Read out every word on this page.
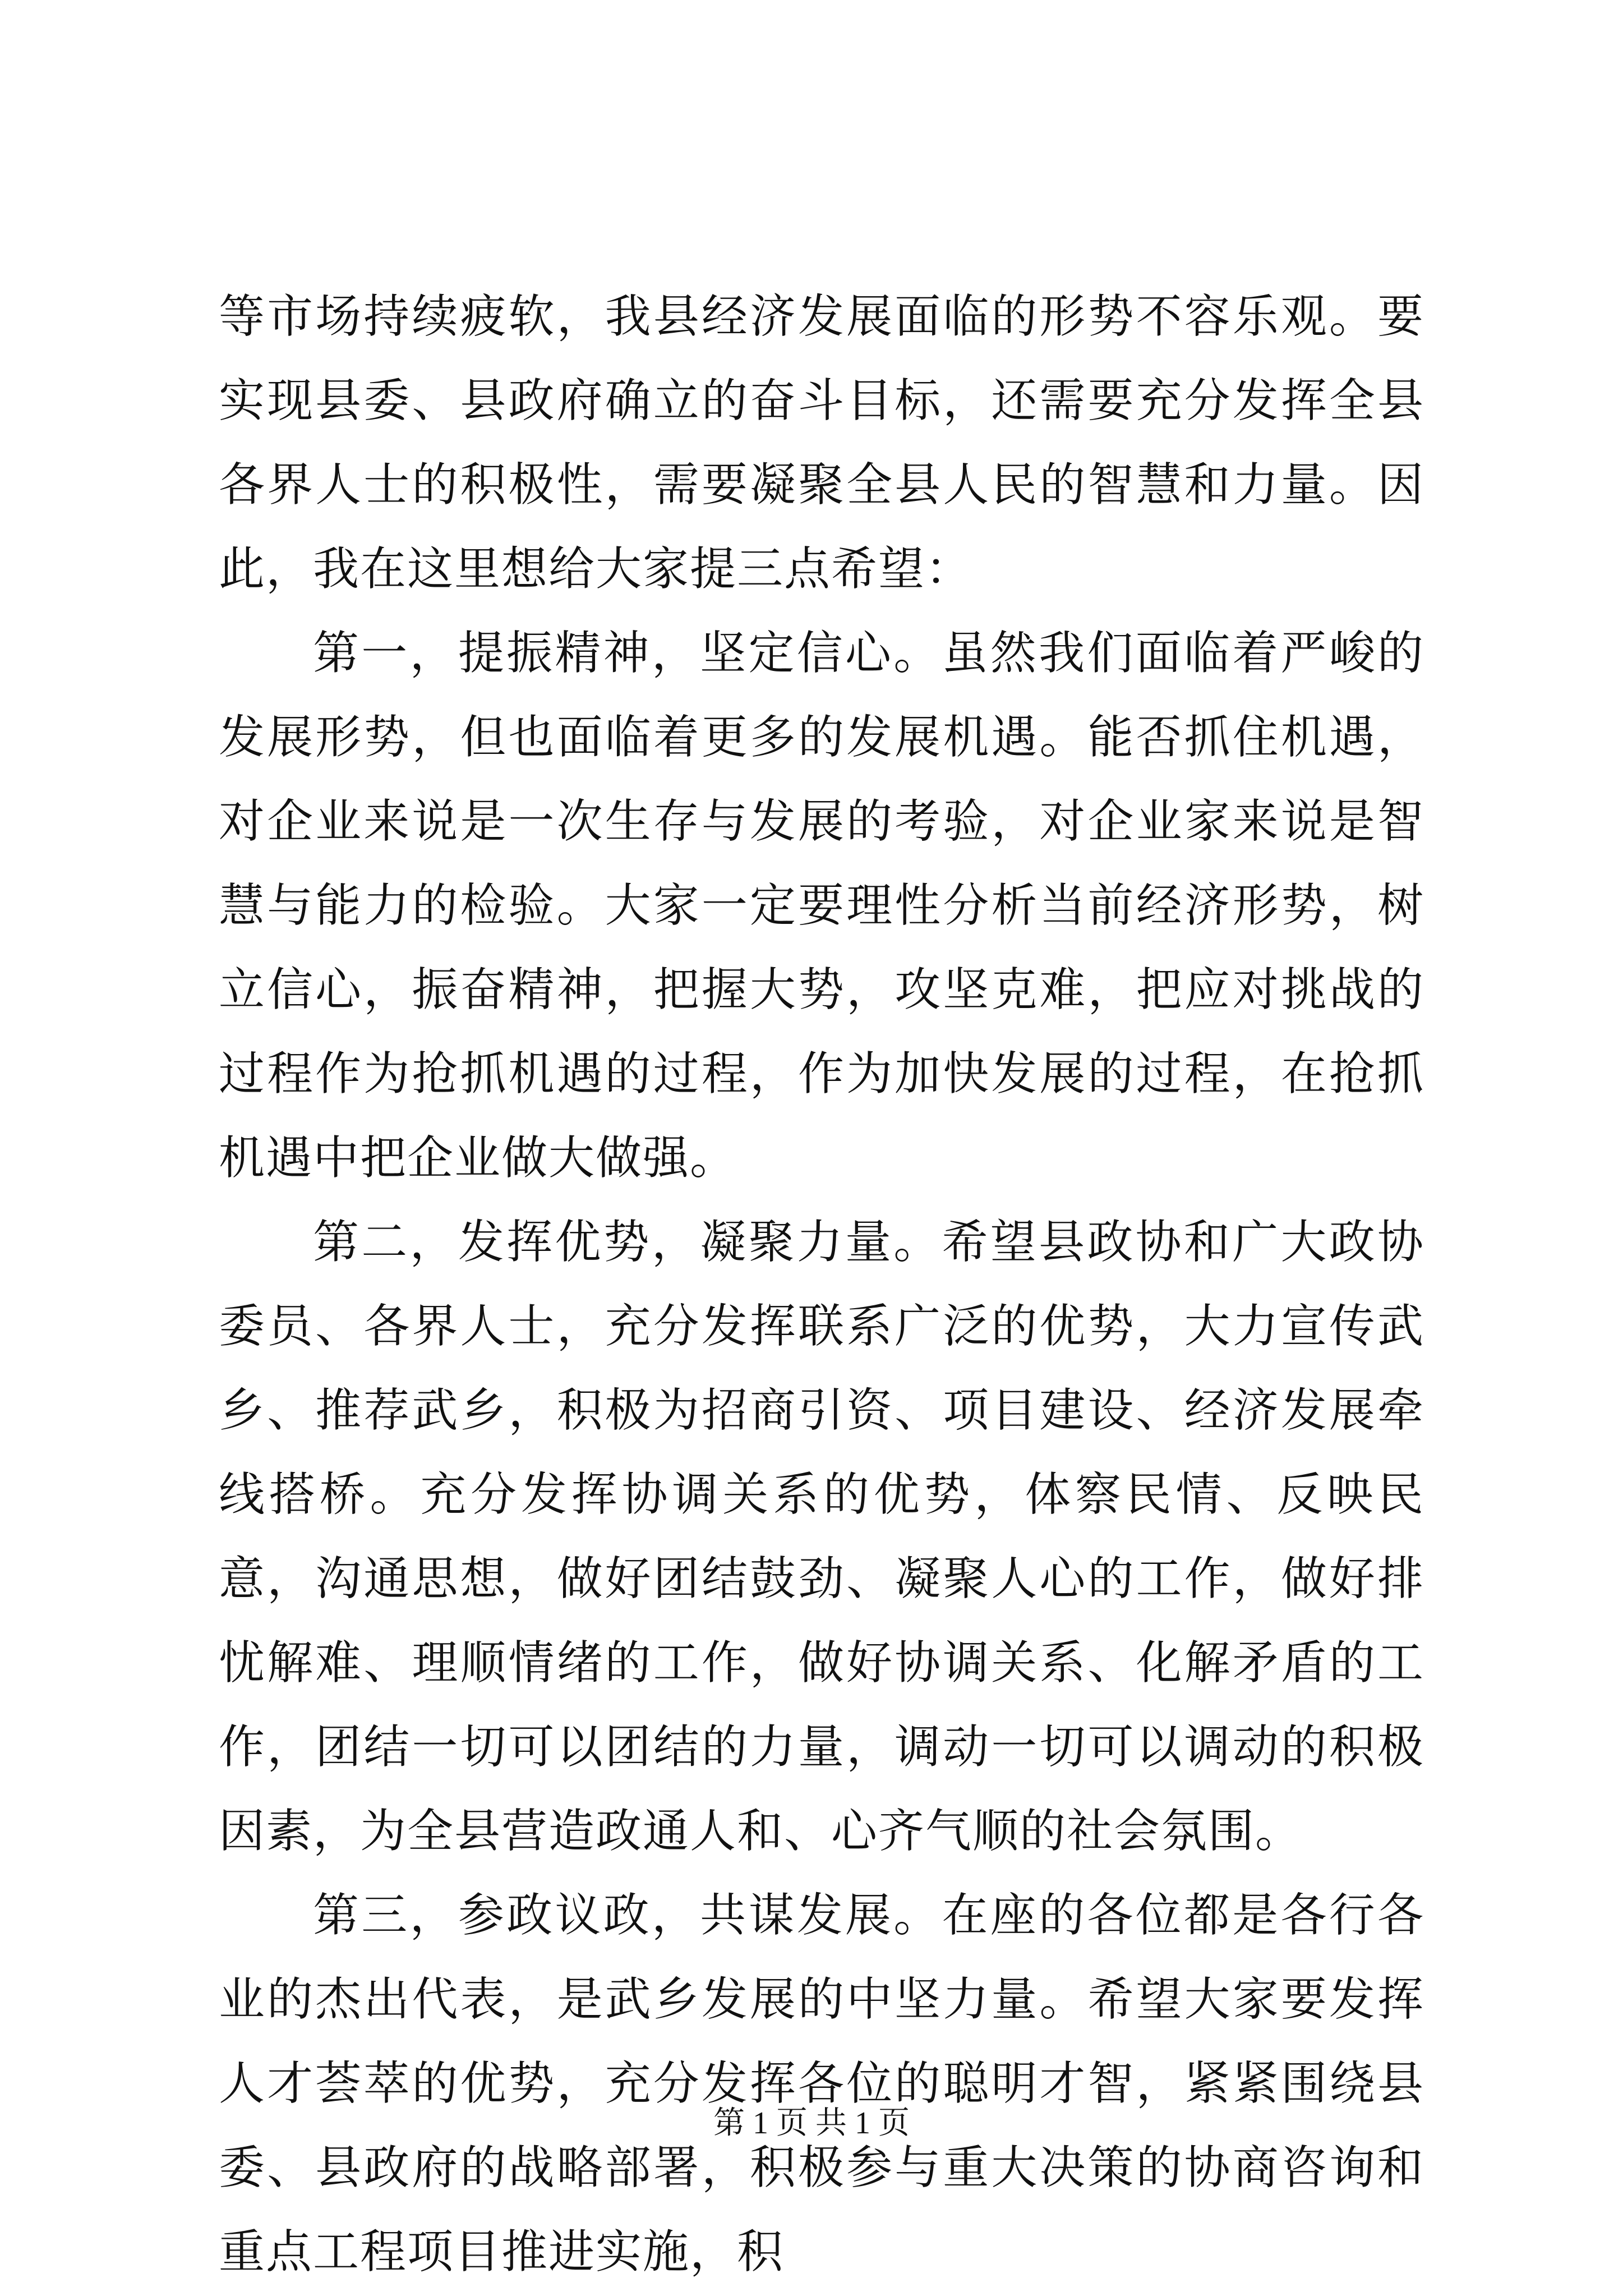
等市场持续疲软，我县经济发展面临的形势不容乐观。要实现县委、县政府确立的奋斗目标，还需要充分发挥全县各界人士的积极性，需要凝聚全县人民的智慧和力量。因此，我在这里想给大家提三点希望：

第一，提振精神，坚定信心。虽然我们面临着严峻的发展形势，但也面临着更多的发展机遇。能否抓住机遇，对企业来说是一次生存与发展的考验，对企业家来说是智慧与能力的检验。大家一定要理性分析当前经济形势，树立信心，振奋精神，把握大势，攻坚克难，把应对挑战的过程作为抢抓机遇的过程，作为加快发展的过程，在抢抓机遇中把企业做大做强。

第二，发挥优势，凝聚力量。希望县政协和广大政协委员、各界人士，充分发挥联系广泛的优势，大力宣传武乡、推荐武乡，积极为招商引资、项目建设、经济发展牵线搭桥。充分发挥协调关系的优势，体察民情、反映民意，沟通思想，做好团结鼓劲、凝聚人心的工作，做好排忧解难、理顺情绪的工作，做好协调关系、化解矛盾的工作，团结一切可以团结的力量，调动一切可以调动的积极因素，为全县营造政通人和、心齐气顺的社会氛围。

第三，参政议政，共谋发展。在座的各位都是各行各业的杰出代表，是武乡发展的中坚力量。希望大家要发挥人才荟萃的优势，充分发挥各位的聪明才智，紧紧围绕县委、县政府的战略部署，积极参与重大决策的协商咨询和重点工程项目推进实施，积

第 1 页 共 1 页
